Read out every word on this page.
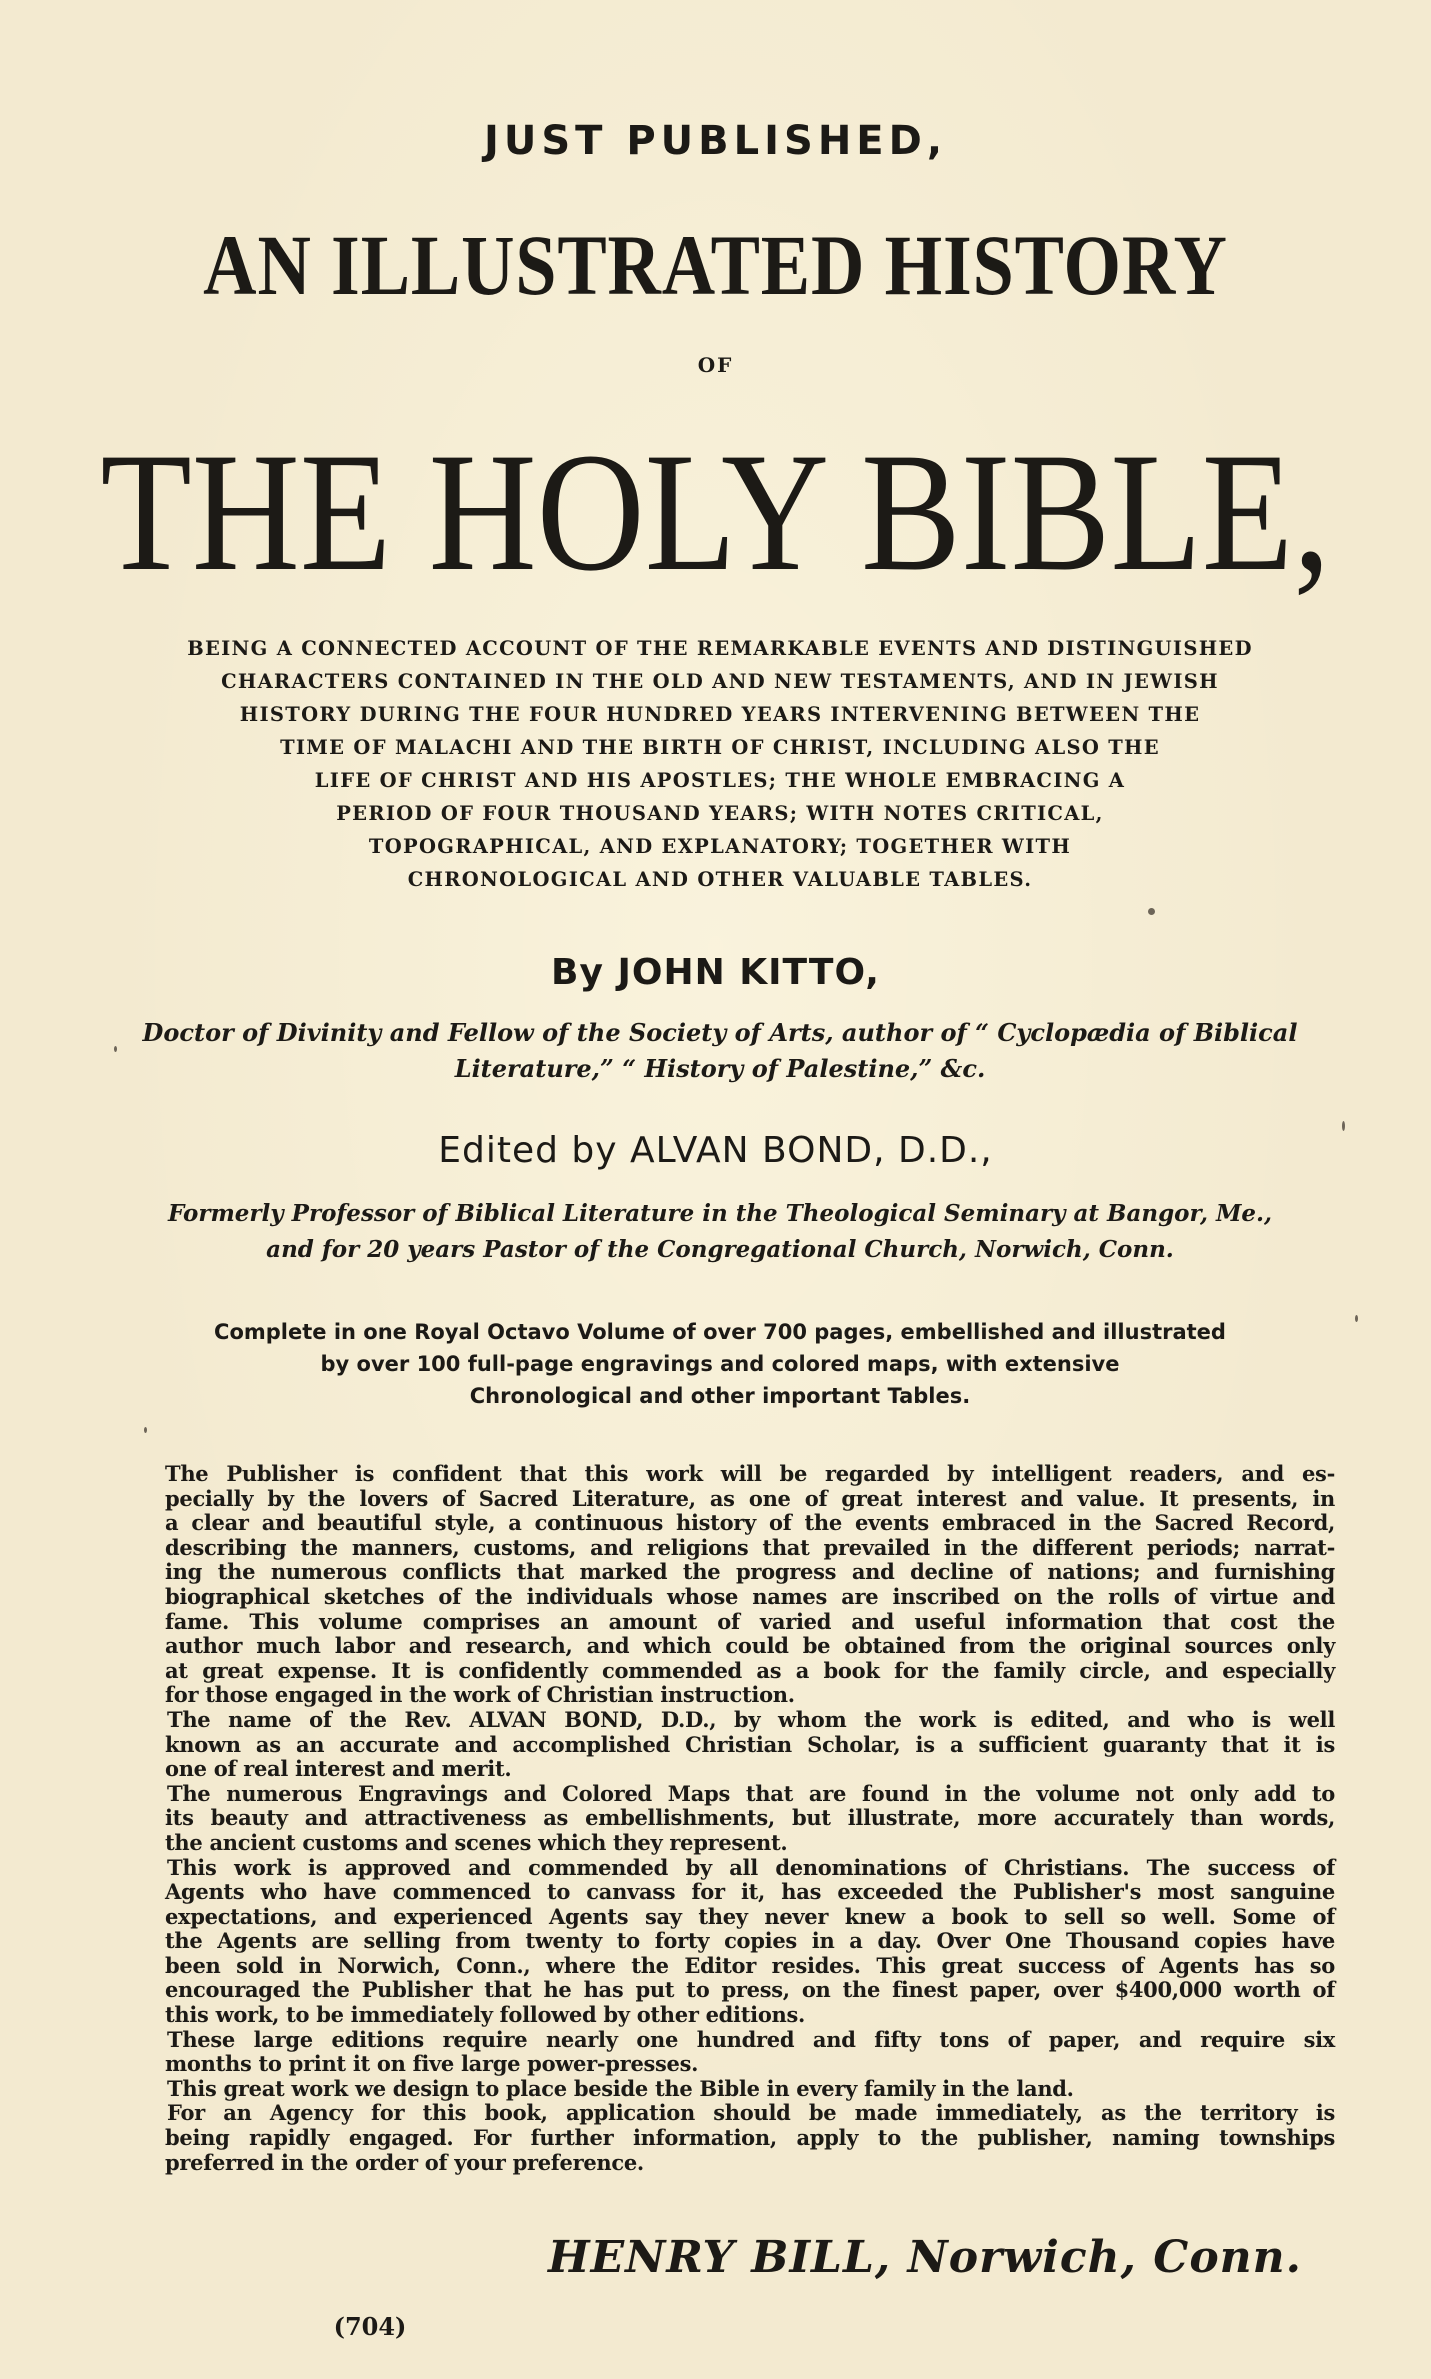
JUST PUBLISHED,
AN ILLUSTRATED HISTORY
OF
THE HOLY BIBLE,
BEING A CONNECTED ACCOUNT OF THE REMARKABLE EVENTS AND DISTINGUISHED
CHARACTERS CONTAINED IN THE OLD AND NEW TESTAMENTS, AND IN JEWISH
HISTORY DURING THE FOUR HUNDRED YEARS INTERVENING BETWEEN THE
TIME OF MALACHI AND THE BIRTH OF CHRIST, INCLUDING ALSO THE
LIFE OF CHRIST AND HIS APOSTLES; THE WHOLE EMBRACING A
PERIOD OF FOUR THOUSAND YEARS; WITH NOTES CRITICAL,
TOPOGRAPHICAL, AND EXPLANATORY; TOGETHER WITH
CHRONOLOGICAL AND OTHER VALUABLE TABLES.
By JOHN KITTO,
Doctor of Divinity and Fellow of the Society of Arts, author of “ Cyclopædia of Biblical
Literature,” “ History of Palestine,” &c.
Edited by ALVAN BOND, D.D.,
Formerly Professor of Biblical Literature in the Theological Seminary at Bangor, Me.,
and for 20 years Pastor of the Congregational Church, Norwich, Conn.
Complete in one Royal Octavo Volume of over 700 pages, embellished and illustrated
by over 100 full-page engravings and colored maps, with extensive
Chronological and other important Tables.
The Publisher is confident that this work will be regarded by intelligent readers, and es-
pecially by the lovers of Sacred Literature, as one of great interest and value. It presents, in
a clear and beautiful style, a continuous history of the events embraced in the Sacred Record,
describing the manners, customs, and religions that prevailed in the different periods; narrat-
ing the numerous conflicts that marked the progress and decline of nations; and furnishing
biographical sketches of the individuals whose names are inscribed on the rolls of virtue and
fame. This volume comprises an amount of varied and useful information that cost the
author much labor and research, and which could be obtained from the original sources only
at great expense. It is confidently commended as a book for the family circle, and especially
for those engaged in the work of Christian instruction.
The name of the Rev. ALVAN BOND, D.D., by whom the work is edited, and who is well
known as an accurate and accomplished Christian Scholar, is a sufficient guaranty that it is
one of real interest and merit.
The numerous Engravings and Colored Maps that are found in the volume not only add to
its beauty and attractiveness as embellishments, but illustrate, more accurately than words,
the ancient customs and scenes which they represent.
This work is approved and commended by all denominations of Christians. The success of
Agents who have commenced to canvass for it, has exceeded the Publisher's most sanguine
expectations, and experienced Agents say they never knew a book to sell so well. Some of
the Agents are selling from twenty to forty copies in a day. Over One Thousand copies have
been sold in Norwich, Conn., where the Editor resides. This great success of Agents has so
encouraged the Publisher that he has put to press, on the finest paper, over $400,000 worth of
this work, to be immediately followed by other editions.
These large editions require nearly one hundred and fifty tons of paper, and require six
months to print it on five large power-presses.
This great work we design to place beside the Bible in every family in the land.
For an Agency for this book, application should be made immediately, as the territory is
being rapidly engaged. For further information, apply to the publisher, naming townships
preferred in the order of your preference.
HENRY BILL, Norwich, Conn.
(704)
